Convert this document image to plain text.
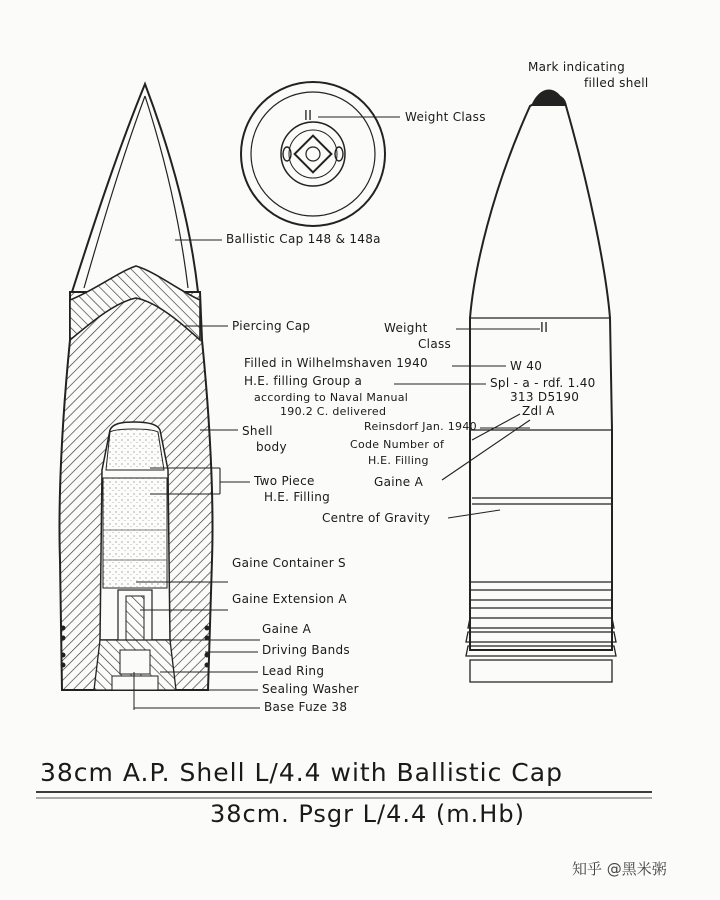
Mark indicating
filled shell
II	Weight Class
Ballistic Cap 148 & 148a
Piercing Cap	Weight
Class
II
Filled in Wilhelmshaven 1940	W 40
H.E. filling Group a	Spl - a - rdf. 1.40
according to Naval Manual	313 D5190
190.2 C. delivered	Zdl A
Reinsdorf Jan. 1940
Shell
body	Code Number of
H.E. Filling
Two Piece	Gaine A
H.E. Filling
Centre of Gravity
Gaine Container S
Gaine Extension A
Gaine A
Driving Bands
Lead Ring
Sealing Washer
Base Fuze 38
38cm A.P. Shell L/4.4 with Ballistic Cap
38cm. Psgr L/4.4 (m.Hb)
知乎 @黑米粥
